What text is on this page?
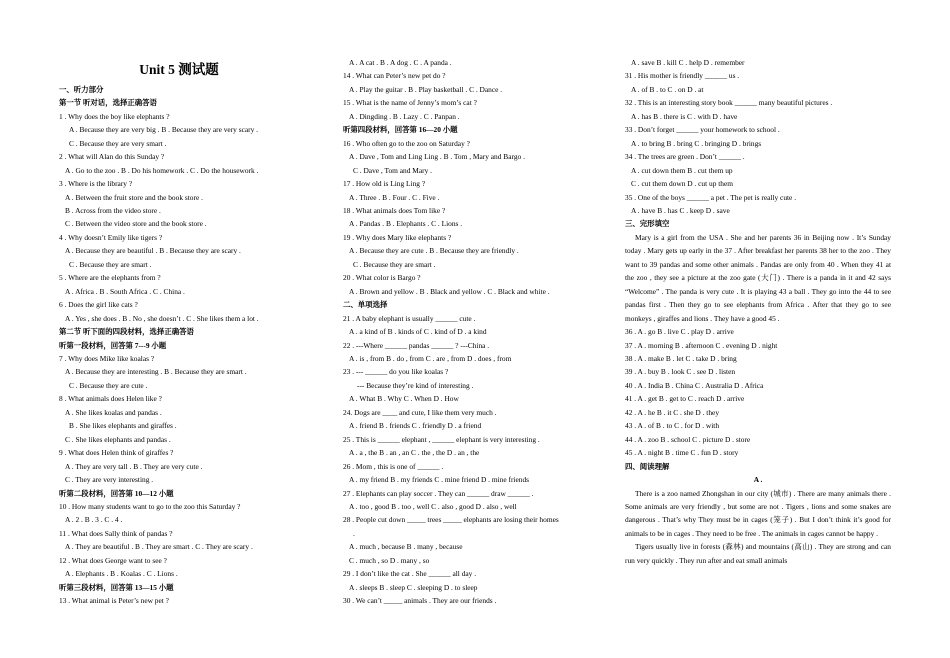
Unit 5 测试题

一、听力部分
第一节 听对话，选择正确答语
1 . Why does the boy like elephants ?
A . Because they are very big . B . Because they are very scary .
C . Because they are very smart .
2 . What will Alan do this Sunday ?
A . Go to the zoo . B . Do his homework . C . Do the housework .
3 . Where is the library ?
A . Between the fruit store and the book store .
B . Across from the video store .
C . Between the video store and the book store .
4 . Why doesn’t Emily like tigers ?
A . Because they are beautiful . B . Because they are scary .
C . Because they are smart .
5 . Where are the elephants from ?
A . Africa . B . South Africa . C . China .
6 . Does the girl like cats ?
A . Yes , she does . B . No , she doesn’t . C . She likes them a lot .
第二节 听下面的四段材料，选择正确答语
听第一段材料，回答第 7---9 小题
7 . Why does Mike like koalas ?
A . Because they are interesting . B . Because they are smart .
C . Because they are cute .
8 . What animals does Helen like ?
A . She likes koalas and pandas .
B . She likes elephants and giraffes .
C . She likes elephants and pandas .
9 . What does Helen think of giraffes ?
A . They are very tall . B . They are very cute .
C . They are very interesting .
听第二段材料，回答第 10—12 小题
10 . How many students want to go to the zoo this Saturday ?
A . 2 . B . 3 . C . 4 .
11 . What does Sally think of pandas ?
A . They are beautiful . B . They are smart . C . They are scary .
12 . What does George want to see ?
A . Elephants . B . Koalas . C . Lions .
听第三段材料，回答第 13—15 小题
13 . What animal is Peter’s new pet ?
A . A cat . B . A dog . C . A panda .
14 . What can Peter’s new pet do ?
A . Play the guitar . B . Play basketball . C . Dance .
15 . What is the name of Jenny’s mom’s cat ?
A . Dingding . B . Lazy . C . Panpan .
听第四段材料，回答第 16—20 小题
16 . Who often go to the zoo on Saturday ?
A . Dave , Tom and Ling Ling . B . Tom , Mary and Bargo .
C . Dave , Tom and Mary .
17 . How old is Ling Ling ?
A . Three . B . Four . C . Five .
18 . What animals does Tom like ?
A . Pandas . B . Elephants . C . Lions .
19 . Why does Mary like elephants ?
A . Because they are cute . B . Because they are friendly .
C . Because they are smart .
20 . What color is Bargo ?
A . Brown and yellow . B . Black and yellow . C . Black and white .
二、单项选择
21 . A baby elephant is usually ______ cute .
A . a kind of B . kinds of C . kind of D . a kind
22 . ---Where ______ pandas ______ ? ---China .
A . is , from B . do , from C . are , from D . does , from
23 . --- ______ do you like koalas ?
--- Because they’re kind of interesting .
A . What B . Why C . When D . How
24. Dogs are ____ and cute, I like them very much .
A . friend B . friends C . friendly D . a friend
25 . This is ______ elephant , ______ elephant is very interesting .
A . a , the B . an , an C . the , the D . an , the
26 . Mom , this is one of ______ .
A . my friend B . my friends C . mine friend D . mine friends
27 . Elephants can play soccer . They can ______ draw ______ .
A . too , good B . too , well C . also , good D . also , well
28 . People cut down _____ trees _____ elephants are losing their homes
.
A . much , because B . many , because
C . much , so D . many , so
29 . I don’t like the cat . She ______ all day .
A . sleeps B . sleep C . sleeping D . to sleep
30 . We can’t _____ animals . They are our friends .
A . save B . kill C . help D . remember
31 . His mother is friendly ______ us .
A . of B . to C . on D . at
32 . This is an interesting story book ______ many beautiful pictures .
A . has B . there is C . with D . have
33 . Don’t forget ______ your homework to school .
A . to bring B . bring C . bringing D . brings
34 . The trees are green . Don’t ______ .
A . cut down them B . cut them up
C . cut them down D . cut up them
35 . One of the boys ______ a pet . The pet is really cute .
A . have B . has C . keep D . save
三、完形填空
Mary is a girl from the USA . She and her parents 36 in Beijing now . It’s Sunday today . Mary gets up early in the 37 . After breakfast her parents 38 her to the zoo . They want to 39 pandas and some other animals . Pandas are only from 40 . When they 41 at the zoo , they see a picture at the zoo gate (大门) . There is a panda in it and 42 says “Welcome” . The panda is very cute . It is playing 43 a ball . They go into the 44 to see pandas first . Then they go to see elephants from Africa . After that they go to see monkeys , giraffes and lions . They have a good 45 .
36 . A . go B . live C . play D . arrive
37 . A . morning B . afternoon C . evening D . night
38 . A . make B . let C . take D . bring
39 . A . buy B . look C . see D . listen
40 . A . India B . China C . Australia D . Africa
41 . A . get B . get to C . reach D . arrive
42 . A . he B . it C . she D . they
43 . A . of B . to C . for D . with
44 . A . zoo B . school C . picture D . store
45 . A . night B . time C . fun D . story
四、阅读理解
A .
There is a zoo named Zhongshan in our city (城市) . There are many animals there . Some animals are very friendly , but some are not . Tigers , lions and some snakes are dangerous . That’s why They must be in cages (笼子) . But I don’t think it’s good for animals to be in cages . They need to be free . The animals in cages cannot be happy .
Tigers usually live in forests (森林) and mountains (高山) . They are strong and can run very quickly . They run after and eat small animals
